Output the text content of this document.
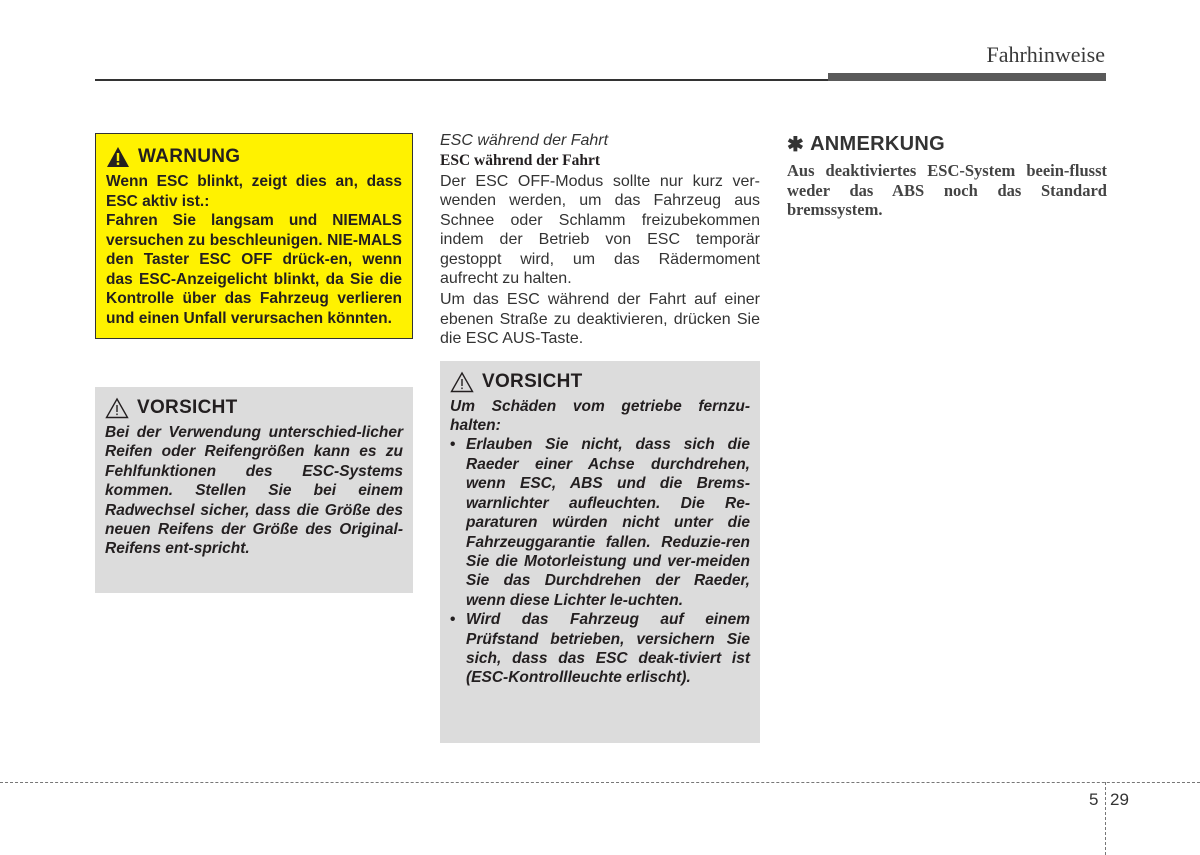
Fahrhinweise
WARNUNG

Wenn ESC blinkt, zeigt dies an, dass ESC aktiv ist.:

Fahren Sie langsam und NIEMALS versuchen zu beschleunigen. NIE-MALS den Taster ESC OFF drück-en, wenn das ESC-Anzeigelicht blinkt, da Sie die Kontrolle über das Fahrzeug verlieren und einen Unfall verursachen könnten.

VORSICHT

Bei der Verwendung unterschied-licher Reifen oder Reifengrößen kann es zu Fehlfunktionen des ESC-Systems kommen. Stellen Sie bei einem Radwechsel sicher, dass die Größe des neuen Reifens der Größe des Original-Reifens ent-spricht.

ESC während der Fahrt
ESC während der Fahrt

Der ESC OFF-Modus sollte nur kurz ver-wenden werden, um das Fahrzeug aus Schnee oder Schlamm freizubekommen indem der Betrieb von ESC temporär gestoppt wird, um das Rädermoment aufrecht zu halten.

Um das ESC während der Fahrt auf einer ebenen Straße zu deaktivieren, drücken Sie die ESC AUS-Taste.

VORSICHT

Um Schäden vom getriebe fernzu-halten:

• Erlauben Sie nicht, dass sich die Raeder einer Achse durchdrehen, wenn ESC, ABS und die Brems-warnlichter aufleuchten. Die Re-paraturen würden nicht unter die Fahrzeuggarantie fallen. Reduzie-ren Sie die Motorleistung und ver-meiden Sie das Durchdrehen der Raeder, wenn diese Lichter le-uchten.
• Wird das Fahrzeug auf einem Prüfstand betrieben, versichern Sie sich, dass das ESC deak-tiviert ist (ESC-Kontrollleuchte erlischt).
✱ ANMERKUNG
Aus deaktiviertes ESC-System beein-flusst weder das ABS noch das Standard bremssystem.
5 29
